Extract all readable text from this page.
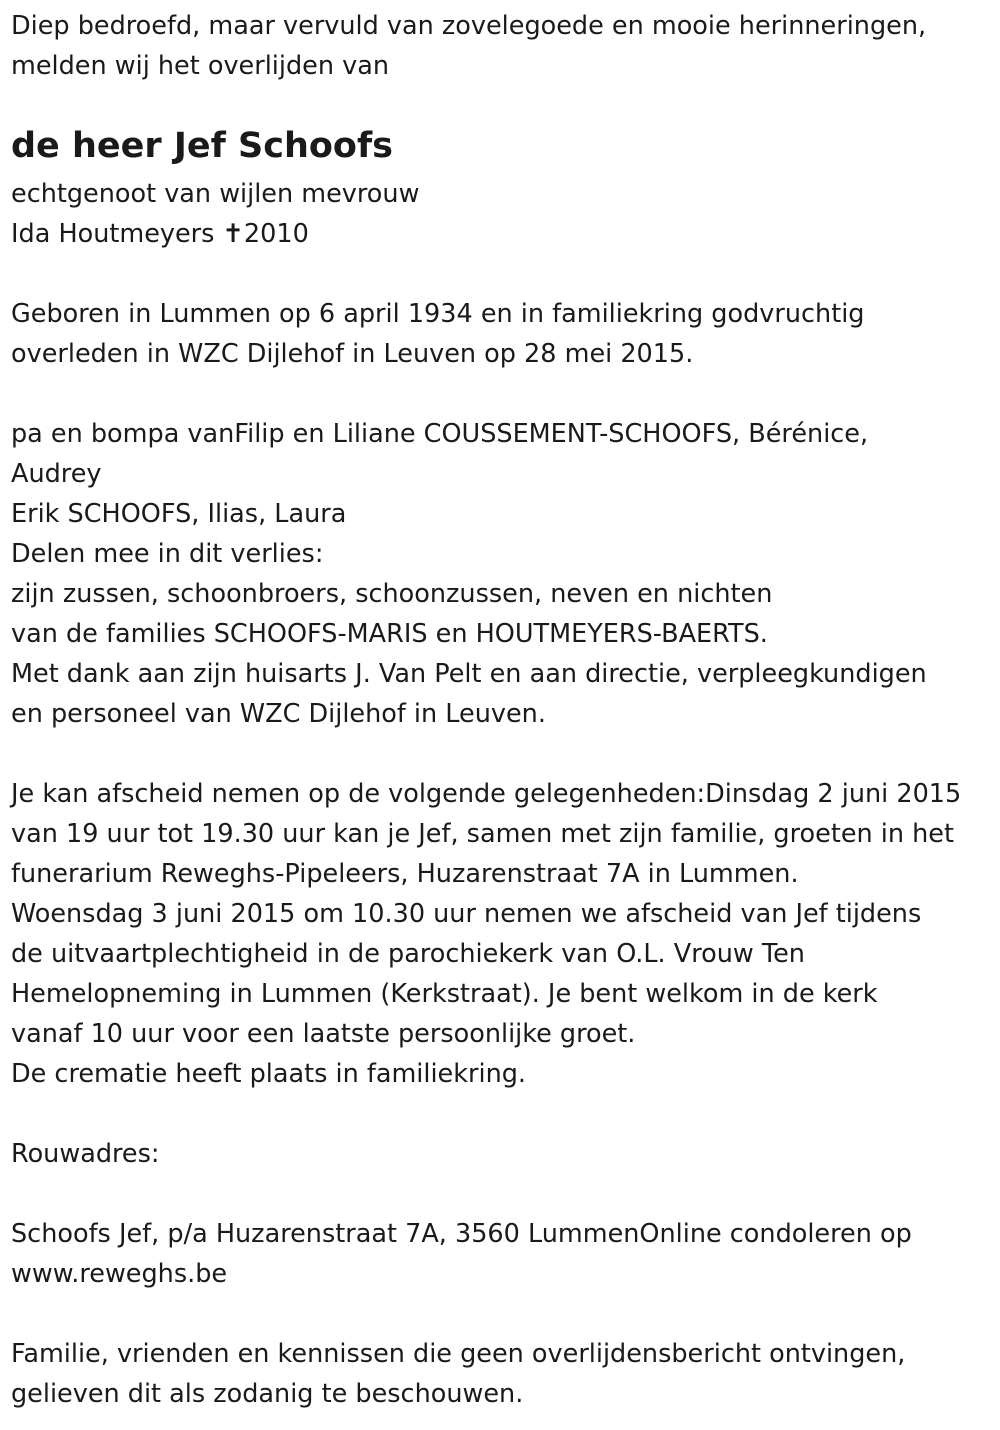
Diep bedroefd, maar vervuld van zovelegoede en mooie herinneringen,
melden wij het overlijden van
de heer Jef Schoofs
echtgenoot van wijlen mevrouw
Ida Houtmeyers ✝2010
Geboren in Lummen op 6 april 1934 en in familiekring godvruchtig
overleden in WZC Dijlehof in Leuven op 28 mei 2015.
pa en bompa vanFilip en Liliane COUSSEMENT-SCHOOFS, Bérénice,
Audrey
Erik SCHOOFS, Ilias, Laura
Delen mee in dit verlies:
zijn zussen, schoonbroers, schoonzussen, neven en nichten
van de families SCHOOFS-MARIS en HOUTMEYERS-BAERTS.
Met dank aan zijn huisarts J. Van Pelt en aan directie, verpleegkundigen
en personeel van WZC Dijlehof in Leuven.
Je kan afscheid nemen op de volgende gelegenheden:Dinsdag 2 juni 2015
van 19 uur tot 19.30 uur kan je Jef, samen met zijn familie, groeten in het
funerarium Reweghs-Pipeleers, Huzarenstraat 7A in Lummen.
Woensdag 3 juni 2015 om 10.30 uur nemen we afscheid van Jef tijdens
de uitvaartplechtigheid in de parochiekerk van O.L. Vrouw Ten
Hemelopneming in Lummen (Kerkstraat). Je bent welkom in de kerk
vanaf 10 uur voor een laatste persoonlijke groet.
De crematie heeft plaats in familiekring.
Rouwadres:
Schoofs Jef, p/a Huzarenstraat 7A, 3560 LummenOnline condoleren op
www.reweghs.be
Familie, vrienden en kennissen die geen overlijdensbericht ontvingen,
gelieven dit als zodanig te beschouwen.
